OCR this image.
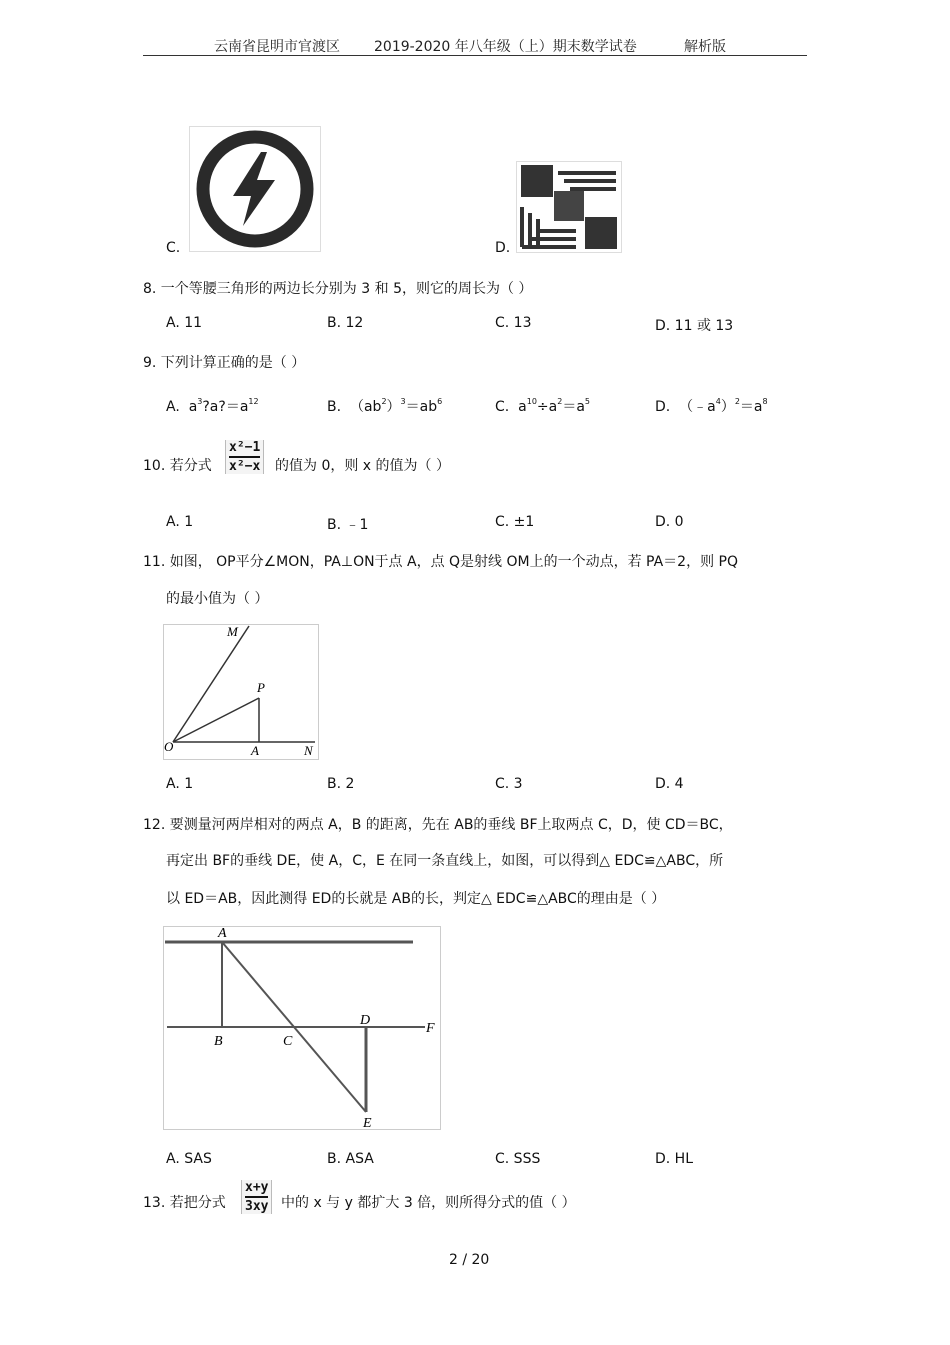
云南省昆明市官渡区 2019-2020 年八年级（上）期末数学试卷	解析版
C.	D.
8. 一个等腰三角形的两边长分别为 3 和 5，则它的周长为（ ）
A. 11	B. 12	C. 13	D. 11 或 13
9. 下列计算正确的是（ ）
A. $a^3?a?=a^{12}$	B. $(ab^2)^3=ab^6$	C. $a^{10}\div a^2=a^5$	D. $(﹣a^4)^2=a^8$
10. 若分式
x²−1
x²−x 的值为 0，则 x 的值为（ ）
A. 1	B. ﹣1	C. ±1	D. 0
11. 如图， OP平分∠MON，PA⊥ON于点 A，点 Q是射线 OM上的一个动点，若 PA＝2，则 PQ
的最小值为（ ）
M
P
O	A	N
A. 1	B. 2	C. 3	D. 4
12. 要测量河两岸相对的两点 A，B 的距离，先在 AB的垂线 BF上取两点 C，D，使 CD＝BC，
再定出 BF的垂线 DE，使 A，C，E 在同一条直线上，如图，可以得到△ EDC≌△ABC，所
以 ED＝AB，因此测得 ED的长就是 AB的长，判定△ EDC≌△ABC的理由是（ ）
A
B	C
D
E
F
A. SAS	B. ASA	C. SSS	D. HL
13. 若把分式
x+y
3xy 中的 x 与 y 都扩大 3 倍，则所得分式的值（ ）
2 / 20
